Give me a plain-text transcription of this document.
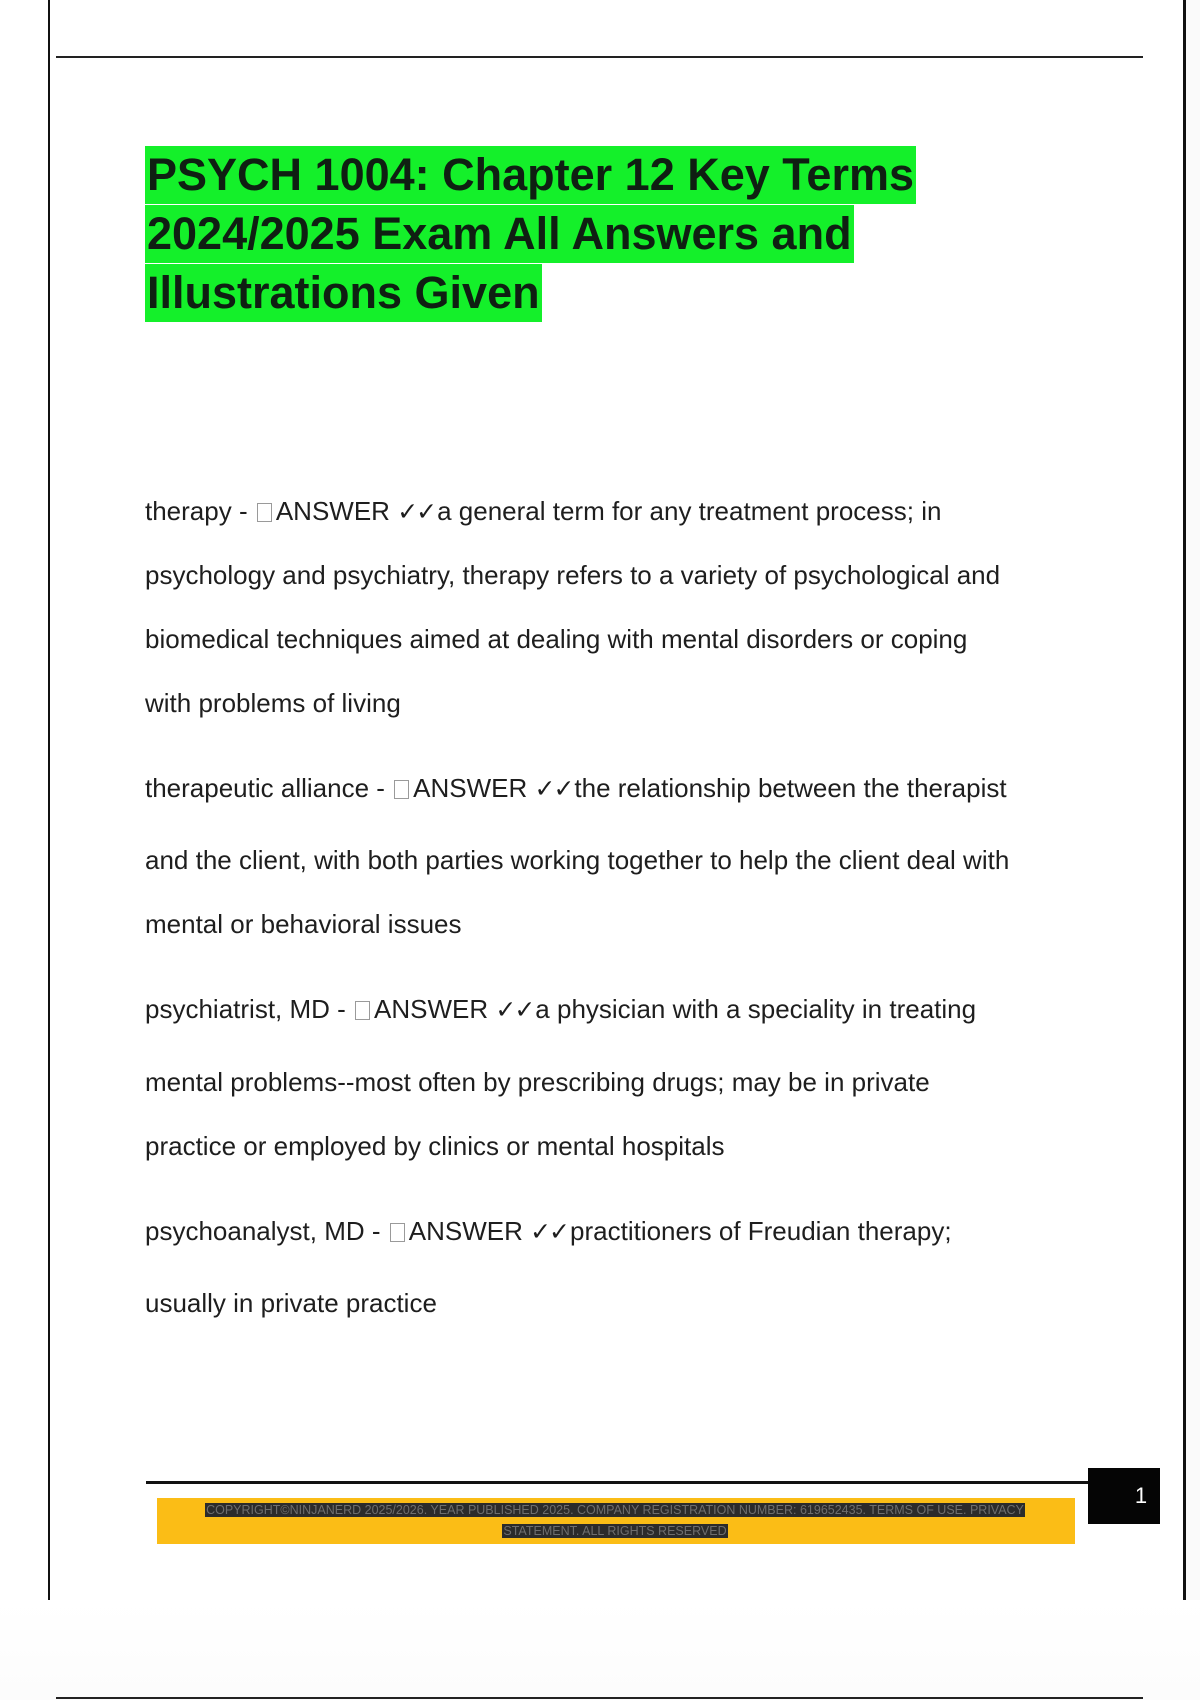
PSYCH 1004: Chapter 12 Key Terms
2024/2025 Exam All Answers and
Illustrations Given

therapy - ANSWER ✓✓a general term for any treatment process; in

psychology and psychiatry, therapy refers to a variety of psychological and

biomedical techniques aimed at dealing with mental disorders or coping

with problems of living

therapeutic alliance - ANSWER ✓✓the relationship between the therapist

and the client, with both parties working together to help the client deal with

mental or behavioral issues

psychiatrist, MD - ANSWER ✓✓a physician with a speciality in treating

mental problems--most often by prescribing drugs; may be in private

practice or employed by clinics or mental hospitals

psychoanalyst, MD - ANSWER ✓✓practitioners of Freudian therapy;

usually in private practice

1
COPYRIGHT©NINJANERD 2025/2026. YEAR PUBLISHED 2025. COMPANY REGISTRATION NUMBER: 619652435. TERMS OF USE. PRIVACY
STATEMENT. ALL RIGHTS RESERVED
